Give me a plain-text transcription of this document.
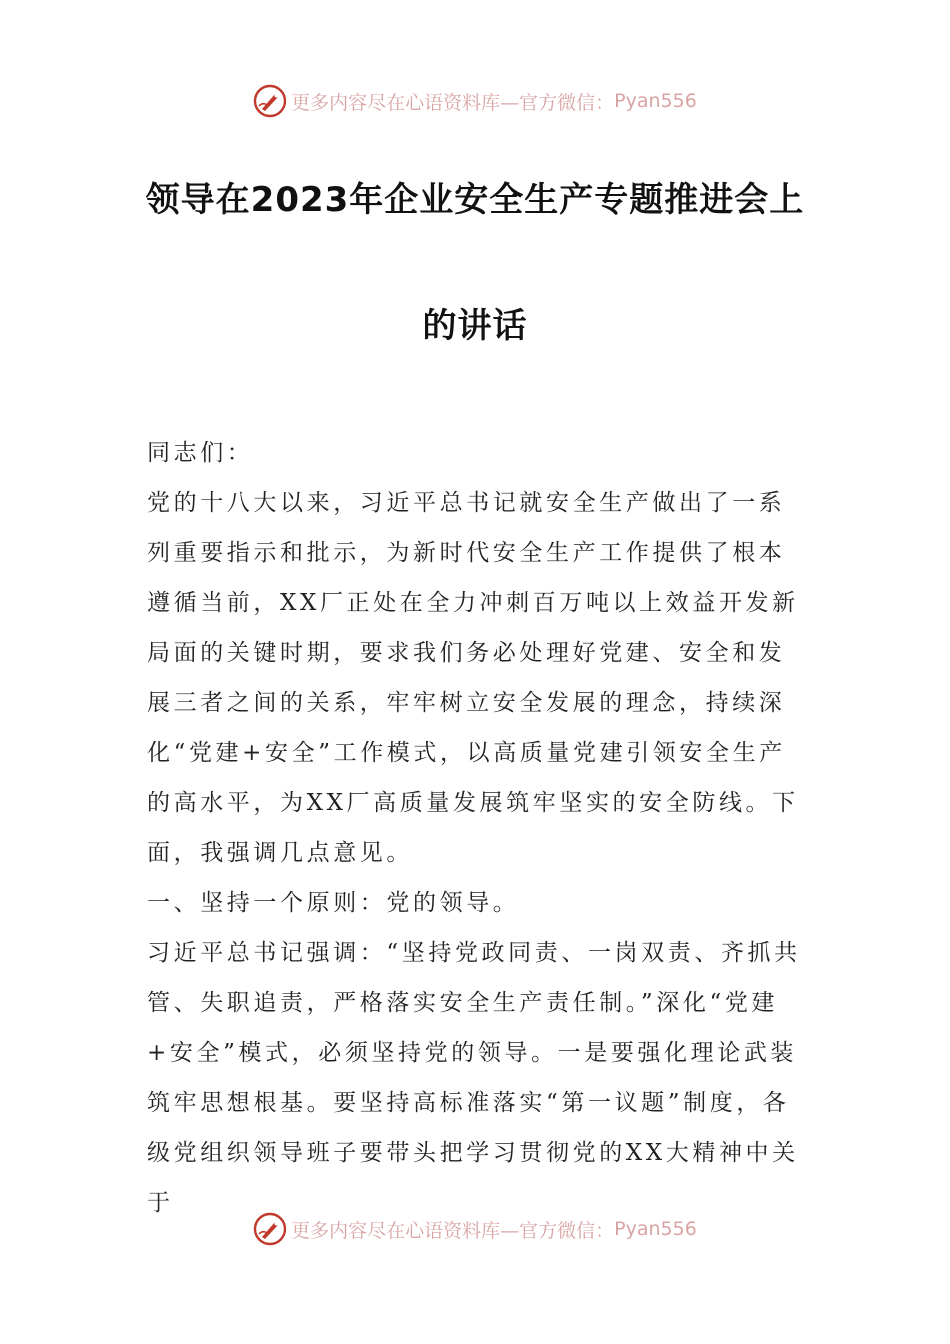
更多内容尽在心语资料库—官方微信： Pyan556
领导在2023年企业安全生产专题推进会上
的讲话

同志们：

党的十八大以来，习近平总书记就安全生产做出了一系列重要指示和批示，为新时代安全生产工作提供了根本遵循当前，XX厂正处在全力冲刺百万吨以上效益开发新局面的关键时期，要求我们务必处理好党建、安全和发展三者之间的关系，牢牢树立安全发展的理念，持续深化“党建+安全”工作模式，以高质量党建引领安全生产的高水平，为XX厂高质量发展筑牢坚实的安全防线。下面，我强调几点意见。

一、坚持一个原则：党的领导。

习近平总书记强调：“坚持党政同责、一岗双责、齐抓共管、失职追责，严格落实安全生产责任制。”深化“党建+安全”模式，必须坚持党的领导。一是要强化理论武装筑牢思想根基。要坚持高标准落实“第一议题”制度，各级党组织领导班子要带头把学习贯彻党的XX大精神中关于

更多内容尽在心语资料库—官方微信： Pyan556
